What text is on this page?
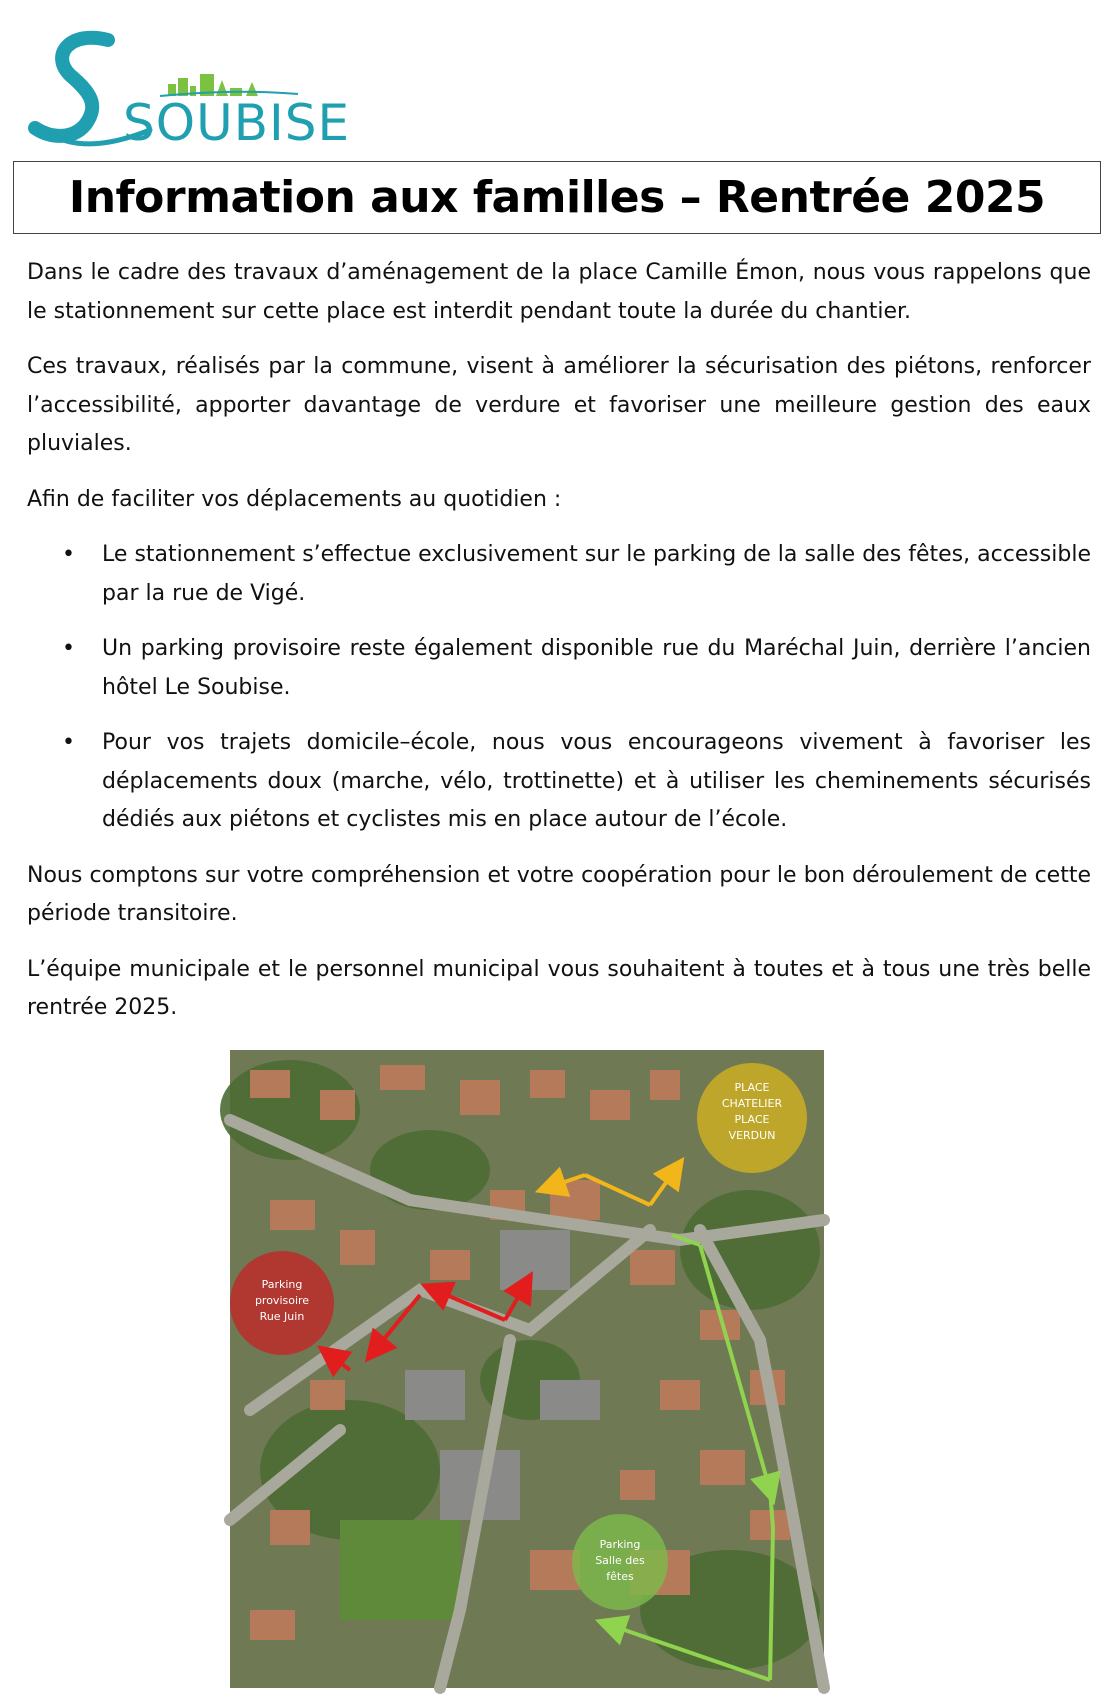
SOUBISE
Information aux familles – Rentrée 2025

Dans le cadre des travaux d’aménagement de la place Camille Émon, nous vous rappelons que le stationnement sur cette place est interdit pendant toute la durée du chantier.

Ces travaux, réalisés par la commune, visent à améliorer la sécurisation des piétons, renforcer l’accessibilité, apporter davantage de verdure et favoriser une meilleure gestion des eaux pluviales.

Afin de faciliter vos déplacements au quotidien :

• Le stationnement s’effectue exclusivement sur le parking de la salle des fêtes, accessible par la rue de Vigé.
• Un parking provisoire reste également disponible rue du Maréchal Juin, derrière l’ancien hôtel Le Soubise.
• Pour vos trajets domicile–école, nous vous encourageons vivement à favoriser les déplacements doux (marche, vélo, trottinette) et à utiliser les cheminements sécurisés dédiés aux piétons et cyclistes mis en place autour de l’école.

Nous comptons sur votre compréhension et votre coopération pour le bon déroulement de cette période transitoire.

L’équipe municipale et le personnel municipal vous souhaitent à toutes et à tous une très belle rentrée 2025.

PLACE
CHATELIER
PLACE
VERDUN
Parking
provisoire
Rue Juin
Parking
Salle des
fêtes
